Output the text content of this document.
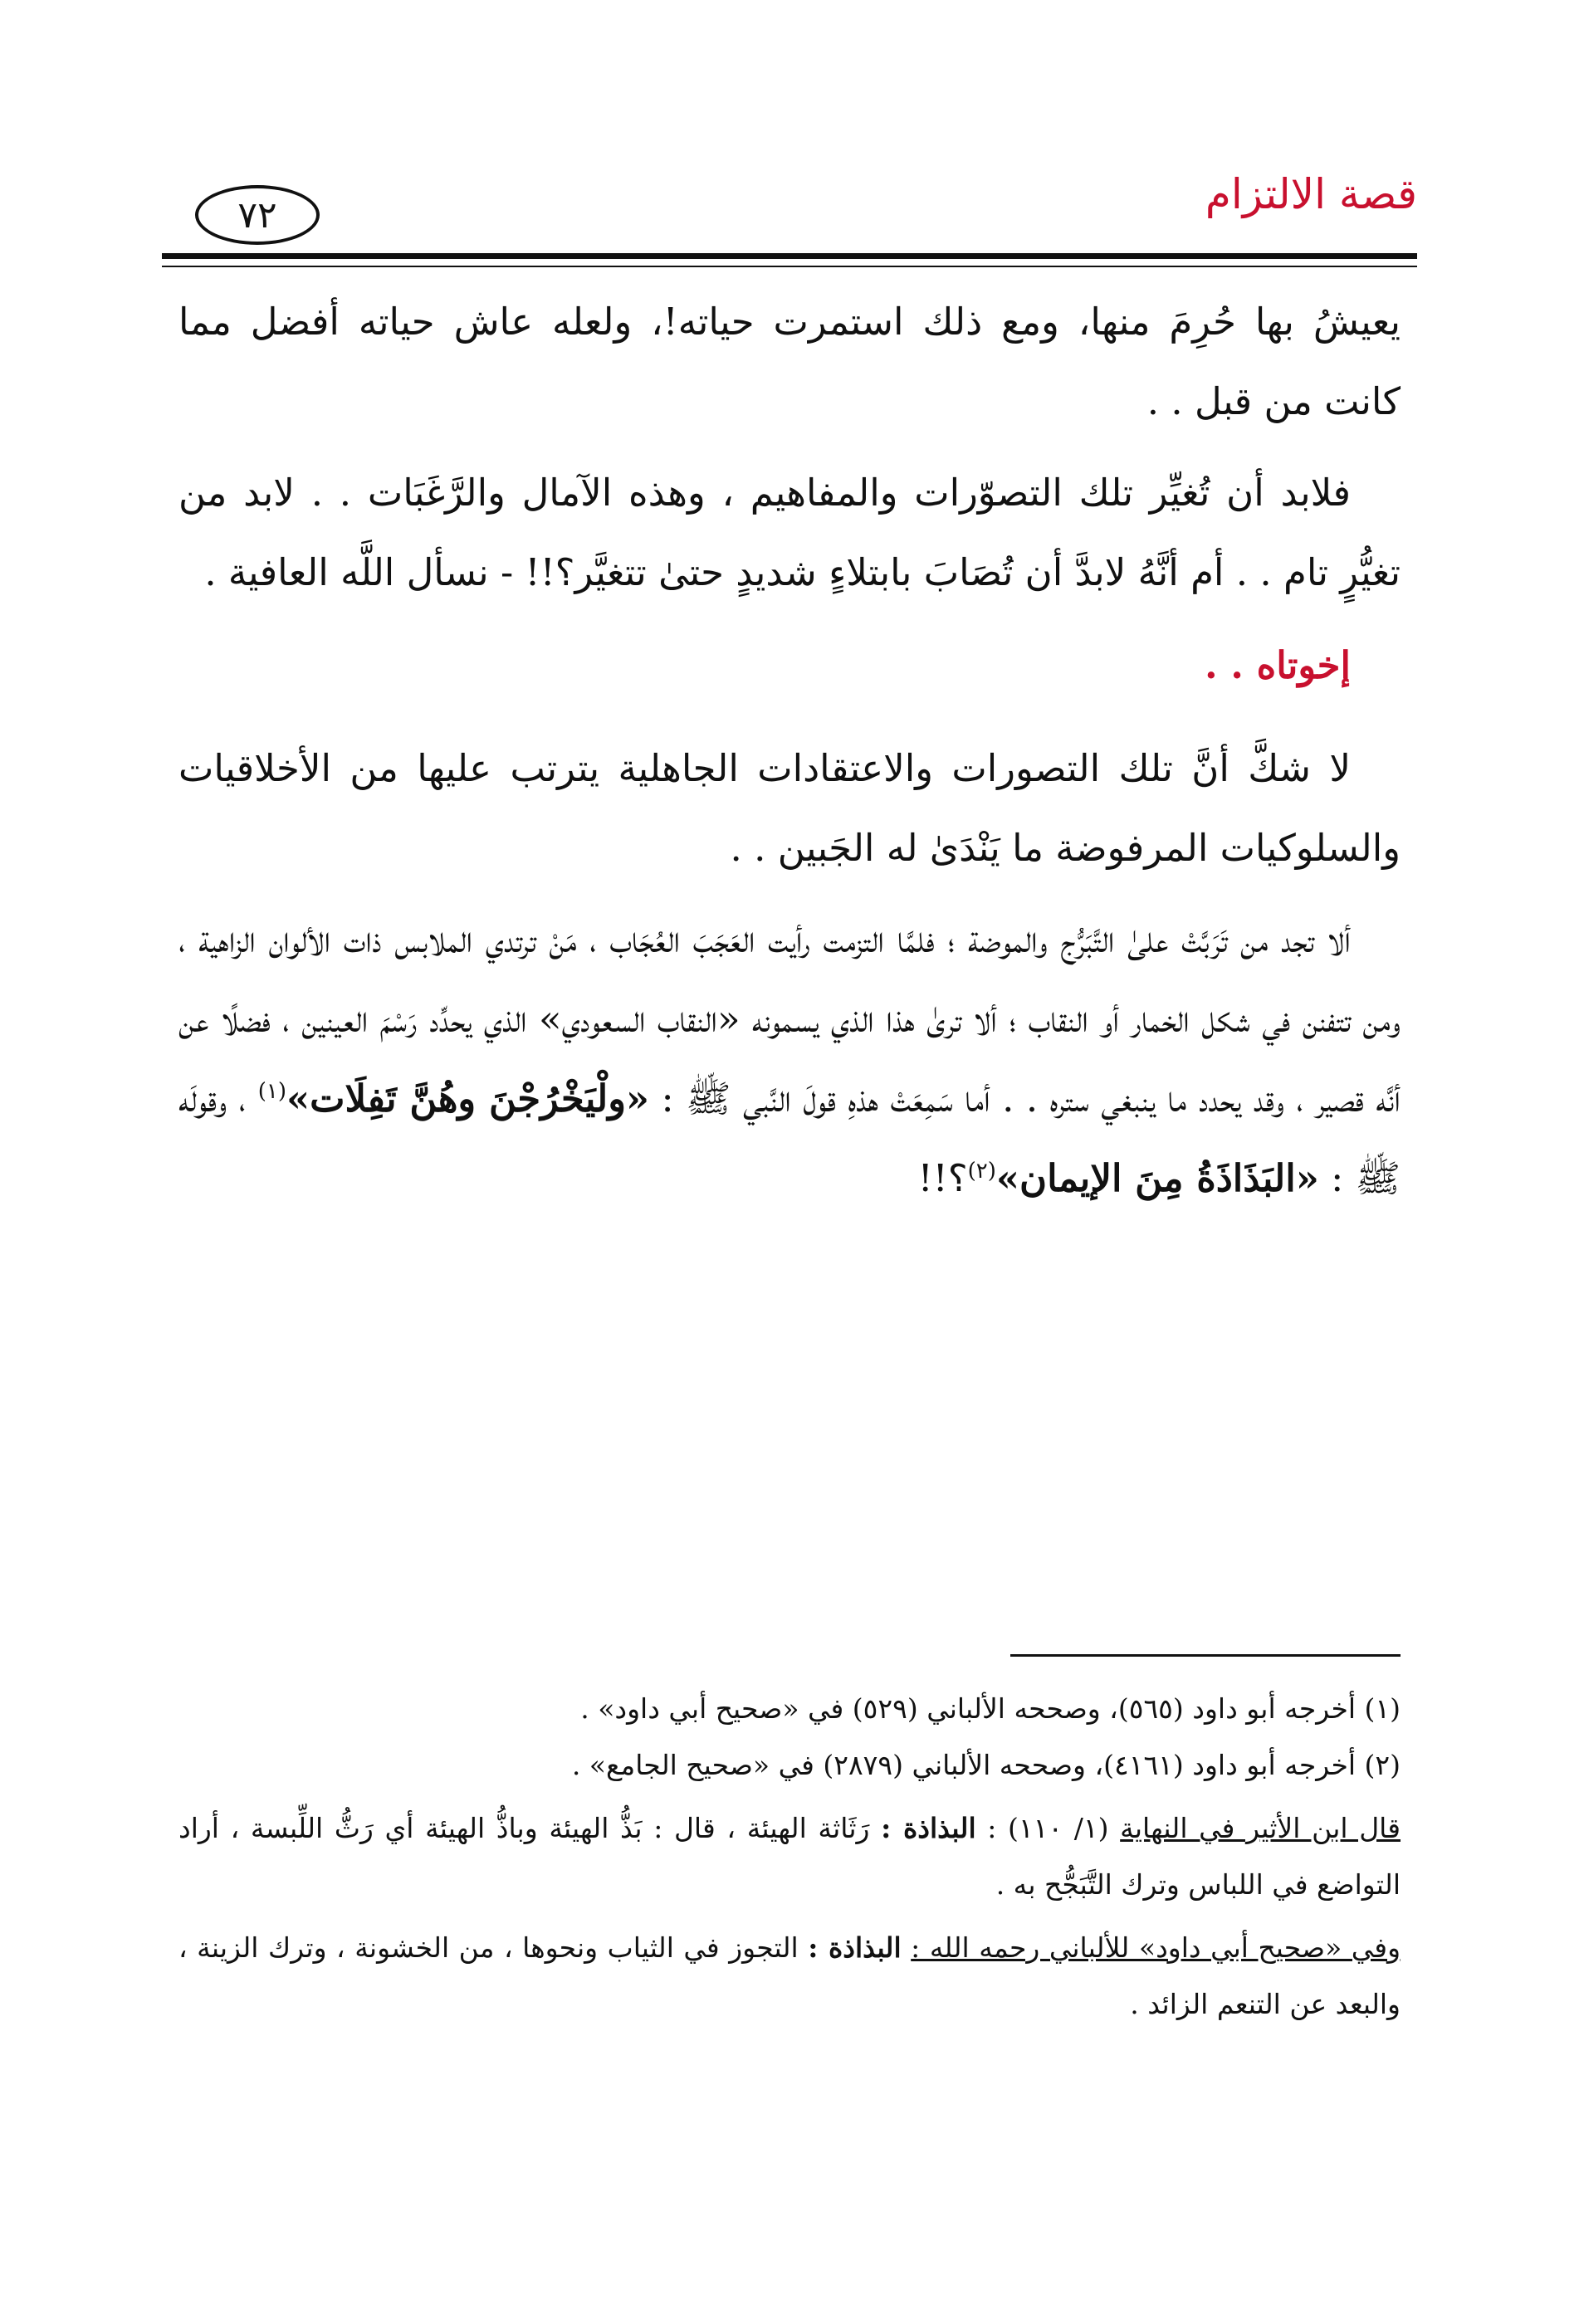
قصة الالتزام
٧٢

يعيشُ بها حُرِمَ منها، ومع ذلك استمرت حياته!، ولعله عاش حياته أفضل مما كانت من قبل . .

فلابد أن تُغيِّر تلك التصوّرات والمفاهيم ، وهذه الآمال والرَّغَبَات . . لابد من تغيُّرٍ تام . . أم أنَّهُ لابدَّ أن تُصَابَ بابتلاءٍ شديدٍ حتىٰ تتغيَّر؟!! - نسأل اللَّه العافية .

إخوتاه . .

لا شكَّ أنَّ تلك التصورات والاعتقادات الجاهلية يترتب عليها من الأخلاقيات والسلوكيات المرفوضة ما يَنْدَىٰ له الجَبين . .

ألا تجد من تَرَبَّتْ علىٰ التَّبَرُّج والموضة ؛ فلمَّا التزمت رأيت العَجَبَ العُجَاب ، مَنْ ترتدي الملابس ذات الألوان الزاهية ، ومن تتفنن في شكل الخمار أو النقاب ؛ ألا ترىٰ هذا الذي يسمونه «النقاب السعودي» الذي يحدِّد رَسْمَ العينين ، فضلًا عن أنَّه قصير ، وقد يحدد ما ينبغي ستره . . أما سَمِعَتْ هذهِ قولَ النَّبي ﷺ : «ولْيَخْرُجْنَ وهُنَّ تَفِلَات»$^{(١)}$ ، وقولَه ﷺ : «البَذَاذَةُ مِنَ الإيمان»$^{(٢)}$؟!!

(١) أخرجه أبو داود (٥٦٥)، وصححه الألباني (٥٢٩) في «صحيح أبي داود» .

(٢) أخرجه أبو داود (٤١٦١)، وصححه الألباني (٢٨٧٩) في «صحيح الجامع» .

قال ابن الأثير في النهاية (١/ ١١٠) : البذاذة : رَثَاثة الهيئة ، قال : بَذُّ الهيئة وباذُّ الهيئة أي رَثُّ اللِّبسة ، أراد التواضع في اللباس وترك التَّبَجُّح به .

وفي «صحيح أبي داود» للألباني رحمه الله : البذاذة : التجوز في الثياب ونحوها ، من الخشونة ، وترك الزينة ، والبعد عن التنعم الزائد .
